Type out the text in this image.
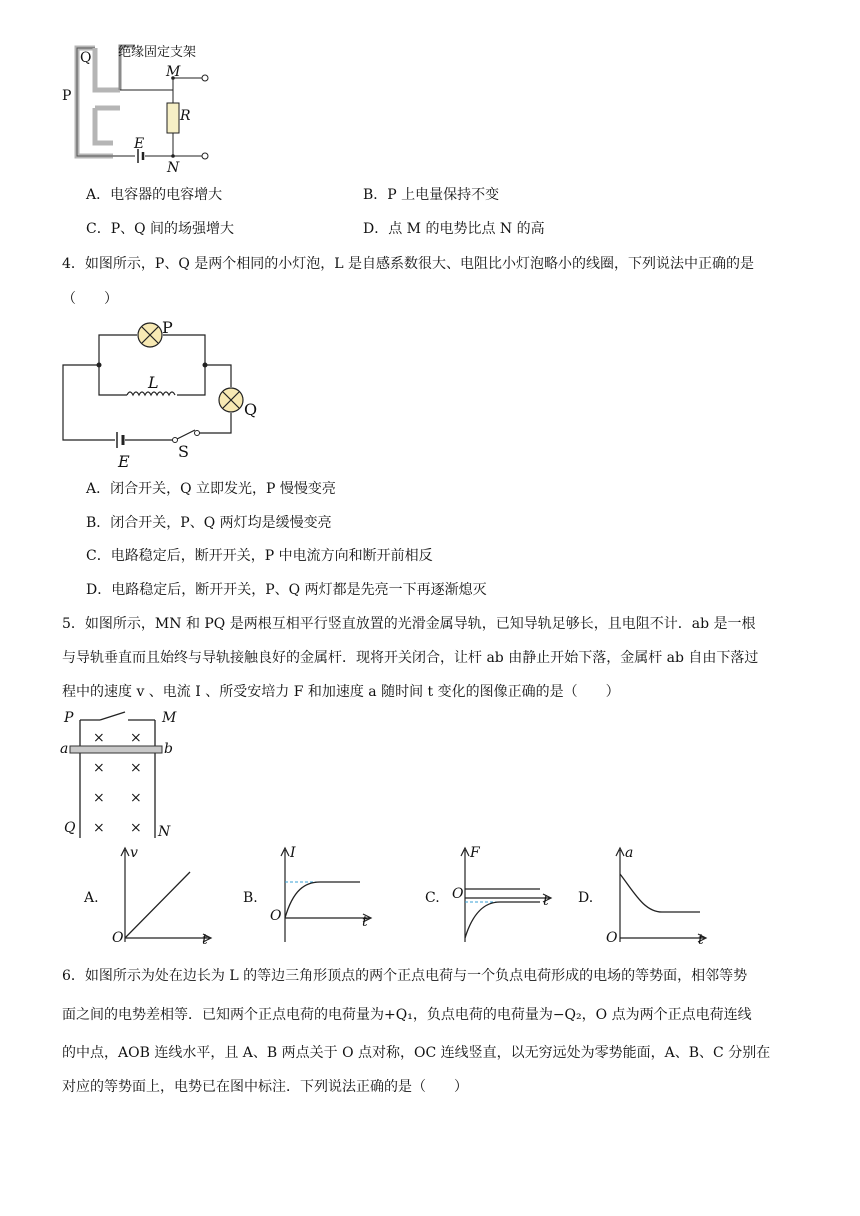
绝缘固定支架
Q
P
M
R
E
N
A．电容器的电容增大	B．P 上电量保持不变
C．P、Q 间的场强增大	D．点 M 的电势比点 N 的高
4．如图所示，P、Q 是两个相同的小灯泡，L 是自感系数很大、电阻比小灯泡略小的线圈，下列说法中正确的是
（　　）
P
L
Q
E
S
A．闭合开关，Q 立即发光，P 慢慢变亮
B．闭合开关，P、Q 两灯均是缓慢变亮
C．电路稳定后，断开开关，P 中电流方向和断开前相反
D．电路稳定后，断开开关，P、Q 两灯都是先亮一下再逐渐熄灭
5．如图所示，MN 和 PQ 是两根互相平行竖直放置的光滑金属导轨，已知导轨足够长，且电阻不计．ab 是一根
与导轨垂直而且始终与导轨接触良好的金属杆．现将开关闭合，让杆 ab 由静止开始下落，金属杆 ab 自由下落过
程中的速度 v 、电流 I 、所受安培力 F 和加速度 a 随时间 t 变化的图像正确的是（　　）
P	M
a	b
Q	N
× ×
× ×
× ×
× ×
A.
v
t
O
B.
I
t
O
C.
F
t
O	D.
a
t
O
6．如图所示为处在边长为 L 的等边三角形顶点的两个正点电荷与一个负点电荷形成的电场的等势面，相邻等势
面之间的电势差相等．已知两个正点电荷的电荷量为+Q₁，负点电荷的电荷量为−Q₂，O 点为两个正点电荷连线
的中点，AOB 连线水平，且 A、B 两点关于 O 点对称，OC 连线竖直，以无穷远处为零势能面，A、B、C 分别在
对应的等势面上，电势已在图中标注．下列说法正确的是（　　）
